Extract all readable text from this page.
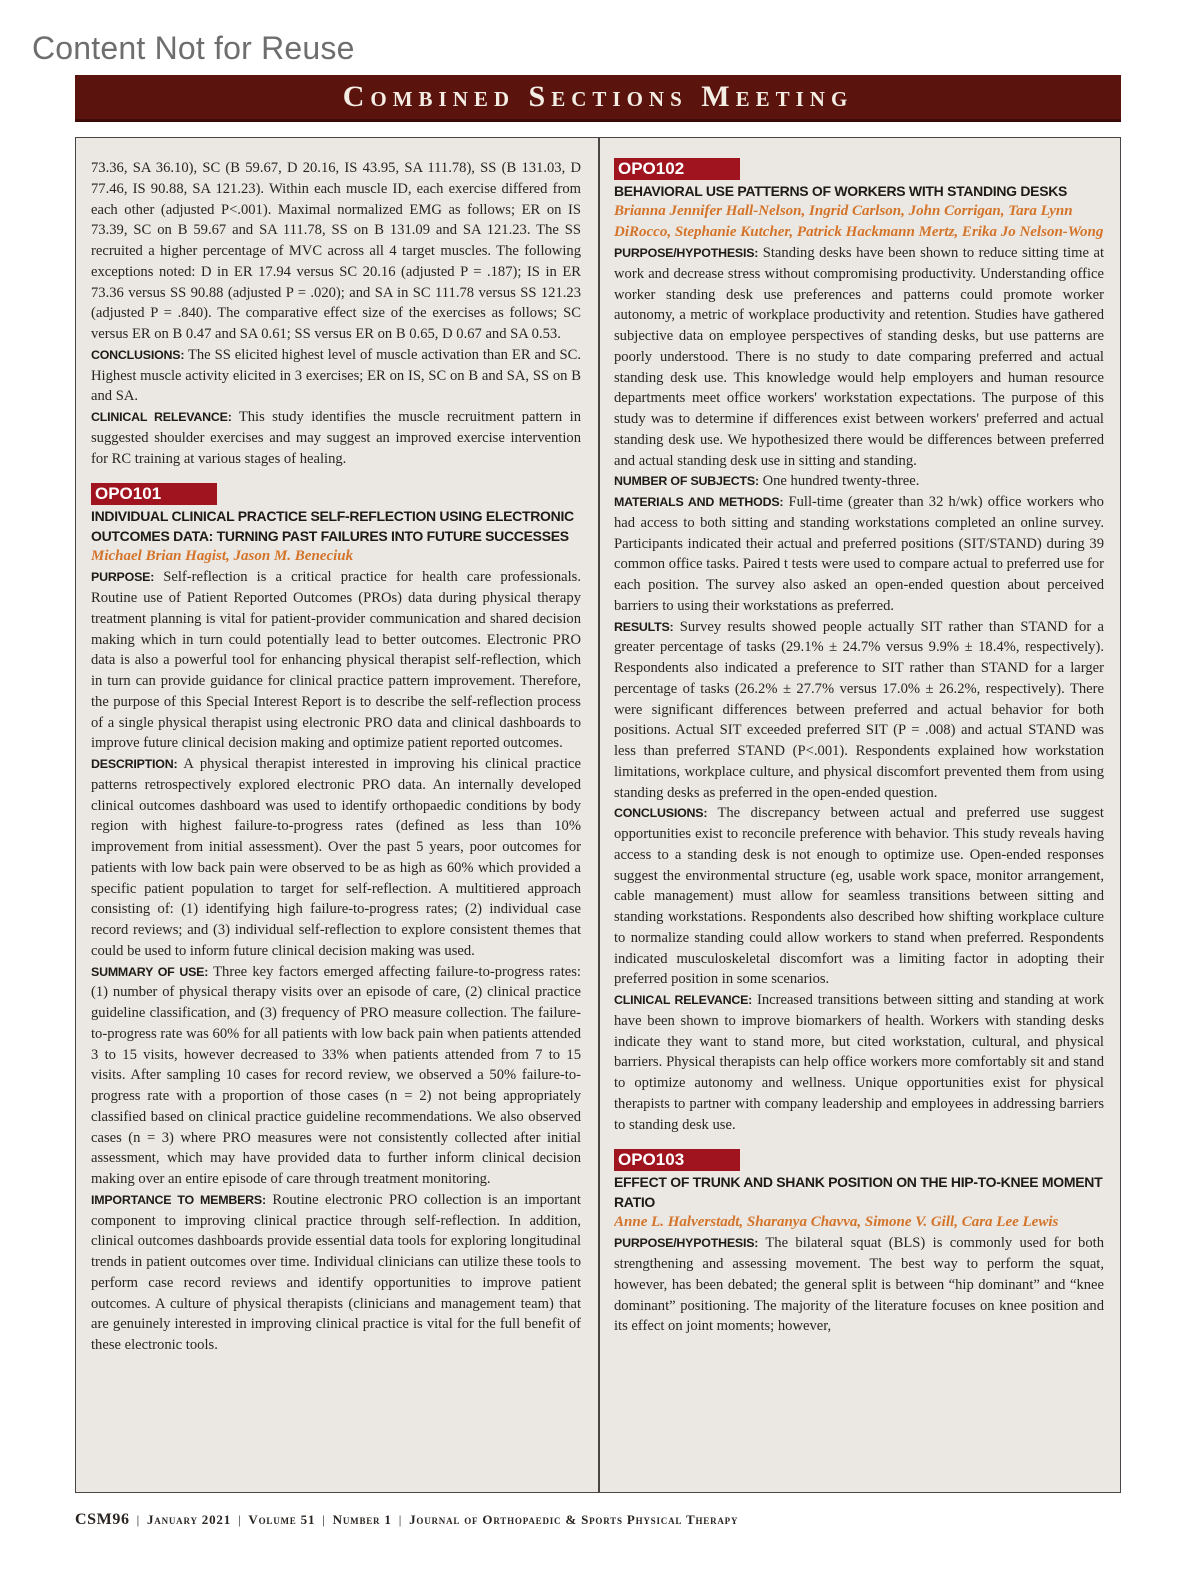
Content Not for Reuse
Combined Sections Meeting

73.36, SA 36.10), SC (B 59.67, D 20.16, IS 43.95, SA 111.78), SS (B 131.03, D 77.46, IS 90.88, SA 121.23). Within each muscle ID, each exercise differed from each other (adjusted P<.001). Maximal normalized EMG as follows; ER on IS 73.39, SC on B 59.67 and SA 111.78, SS on B 131.09 and SA 121.23. The SS recruited a higher percentage of MVC across all 4 target muscles. The following exceptions noted: D in ER 17.94 versus SC 20.16 (adjusted P = .187); IS in ER 73.36 versus SS 90.88 (adjusted P = .020); and SA in SC 111.78 versus SS 121.23 (adjusted P = .840). The comparative effect size of the exercises as follows; SC versus ER on B 0.47 and SA 0.61; SS versus ER on B 0.65, D 0.67 and SA 0.53.

CONCLUSIONS: The SS elicited highest level of muscle activation than ER and SC. Highest muscle activity elicited in 3 exercises; ER on IS, SC on B and SA, SS on B and SA.

CLINICAL RELEVANCE: This study identifies the muscle recruitment pattern in suggested shoulder exercises and may suggest an improved exercise intervention for RC training at various stages of healing.

OPO101
INDIVIDUAL CLINICAL PRACTICE SELF-REFLECTION USING ELECTRONIC OUTCOMES DATA: TURNING PAST FAILURES INTO FUTURE SUCCESSES
Michael Brian Hagist, Jason M. Beneciuk

PURPOSE: Self-reflection is a critical practice for health care professionals. Routine use of Patient Reported Outcomes (PROs) data during physical therapy treatment planning is vital for patient-provider communication and shared decision making which in turn could potentially lead to better outcomes. Electronic PRO data is also a powerful tool for enhancing physical therapist self-reflection, which in turn can provide guidance for clinical practice pattern improvement. Therefore, the purpose of this Special Interest Report is to describe the self-reflection process of a single physical therapist using electronic PRO data and clinical dashboards to improve future clinical decision making and optimize patient reported outcomes.

DESCRIPTION: A physical therapist interested in improving his clinical practice patterns retrospectively explored electronic PRO data. An internally developed clinical outcomes dashboard was used to identify orthopaedic conditions by body region with highest failure-to-progress rates (defined as less than 10% improvement from initial assessment). Over the past 5 years, poor outcomes for patients with low back pain were observed to be as high as 60% which provided a specific patient population to target for self-reflection. A multitiered approach consisting of: (1) identifying high failure-to-progress rates; (2) individual case record reviews; and (3) individual self-reflection to explore consistent themes that could be used to inform future clinical decision making was used.

SUMMARY OF USE: Three key factors emerged affecting failure-to-progress rates: (1) number of physical therapy visits over an episode of care, (2) clinical practice guideline classification, and (3) frequency of PRO measure collection. The failure-to-progress rate was 60% for all patients with low back pain when patients attended 3 to 15 visits, however decreased to 33% when patients attended from 7 to 15 visits. After sampling 10 cases for record review, we observed a 50% failure-to-progress rate with a proportion of those cases (n = 2) not being appropriately classified based on clinical practice guideline recommendations. We also observed cases (n = 3) where PRO measures were not consistently collected after initial assessment, which may have provided data to further inform clinical decision making over an entire episode of care through treatment monitoring.

IMPORTANCE TO MEMBERS: Routine electronic PRO collection is an important component to improving clinical practice through self-reflection. In addition, clinical outcomes dashboards provide essential data tools for exploring longitudinal trends in patient outcomes over time. Individual clinicians can utilize these tools to perform case record reviews and identify opportunities to improve patient outcomes. A culture of physical therapists (clinicians and management team) that are genuinely interested in improving clinical practice is vital for the full benefit of these electronic tools.

OPO102
BEHAVIORAL USE PATTERNS OF WORKERS WITH STANDING DESKS
Brianna Jennifer Hall-Nelson, Ingrid Carlson, John Corrigan, Tara Lynn DiRocco, Stephanie Kutcher, Patrick Hackmann Mertz, Erika Jo Nelson-Wong

PURPOSE/HYPOTHESIS: Standing desks have been shown to reduce sitting time at work and decrease stress without compromising productivity. Understanding office worker standing desk use preferences and patterns could promote worker autonomy, a metric of workplace productivity and retention. Studies have gathered subjective data on employee perspectives of standing desks, but use patterns are poorly understood. There is no study to date comparing preferred and actual standing desk use. This knowledge would help employers and human resource departments meet office workers' workstation expectations. The purpose of this study was to determine if differences exist between workers' preferred and actual standing desk use. We hypothesized there would be differences between preferred and actual standing desk use in sitting and standing.

NUMBER OF SUBJECTS: One hundred twenty-three.

MATERIALS AND METHODS: Full-time (greater than 32 h/wk) office workers who had access to both sitting and standing workstations completed an online survey. Participants indicated their actual and preferred positions (SIT/STAND) during 39 common office tasks. Paired t tests were used to compare actual to preferred use for each position. The survey also asked an open-ended question about perceived barriers to using their workstations as preferred.

RESULTS: Survey results showed people actually SIT rather than STAND for a greater percentage of tasks (29.1% ± 24.7% versus 9.9% ± 18.4%, respectively). Respondents also indicated a preference to SIT rather than STAND for a larger percentage of tasks (26.2% ± 27.7% versus 17.0% ± 26.2%, respectively). There were significant differences between preferred and actual behavior for both positions. Actual SIT exceeded preferred SIT (P = .008) and actual STAND was less than preferred STAND (P<.001). Respondents explained how workstation limitations, workplace culture, and physical discomfort prevented them from using standing desks as preferred in the open-ended question.

CONCLUSIONS: The discrepancy between actual and preferred use suggest opportunities exist to reconcile preference with behavior. This study reveals having access to a standing desk is not enough to optimize use. Open-ended responses suggest the environmental structure (eg, usable work space, monitor arrangement, cable management) must allow for seamless transitions between sitting and standing workstations. Respondents also described how shifting workplace culture to normalize standing could allow workers to stand when preferred. Respondents indicated musculoskeletal discomfort was a limiting factor in adopting their preferred position in some scenarios.

CLINICAL RELEVANCE: Increased transitions between sitting and standing at work have been shown to improve biomarkers of health. Workers with standing desks indicate they want to stand more, but cited workstation, cultural, and physical barriers. Physical therapists can help office workers more comfortably sit and stand to optimize autonomy and wellness. Unique opportunities exist for physical therapists to partner with company leadership and employees in addressing barriers to standing desk use.

OPO103
EFFECT OF TRUNK AND SHANK POSITION ON THE HIP-TO-KNEE MOMENT RATIO
Anne L. Halverstadt, Sharanya Chavva, Simone V. Gill, Cara Lee Lewis

PURPOSE/HYPOTHESIS: The bilateral squat (BLS) is commonly used for both strengthening and assessing movement. The best way to perform the squat, however, has been debated; the general split is between “hip dominant” and “knee dominant” positioning. The majority of the literature focuses on knee position and its effect on joint moments; however,

CSM96 | January 2021 | Volume 51 | Number 1 | Journal of Orthopaedic & Sports Physical Therapy
